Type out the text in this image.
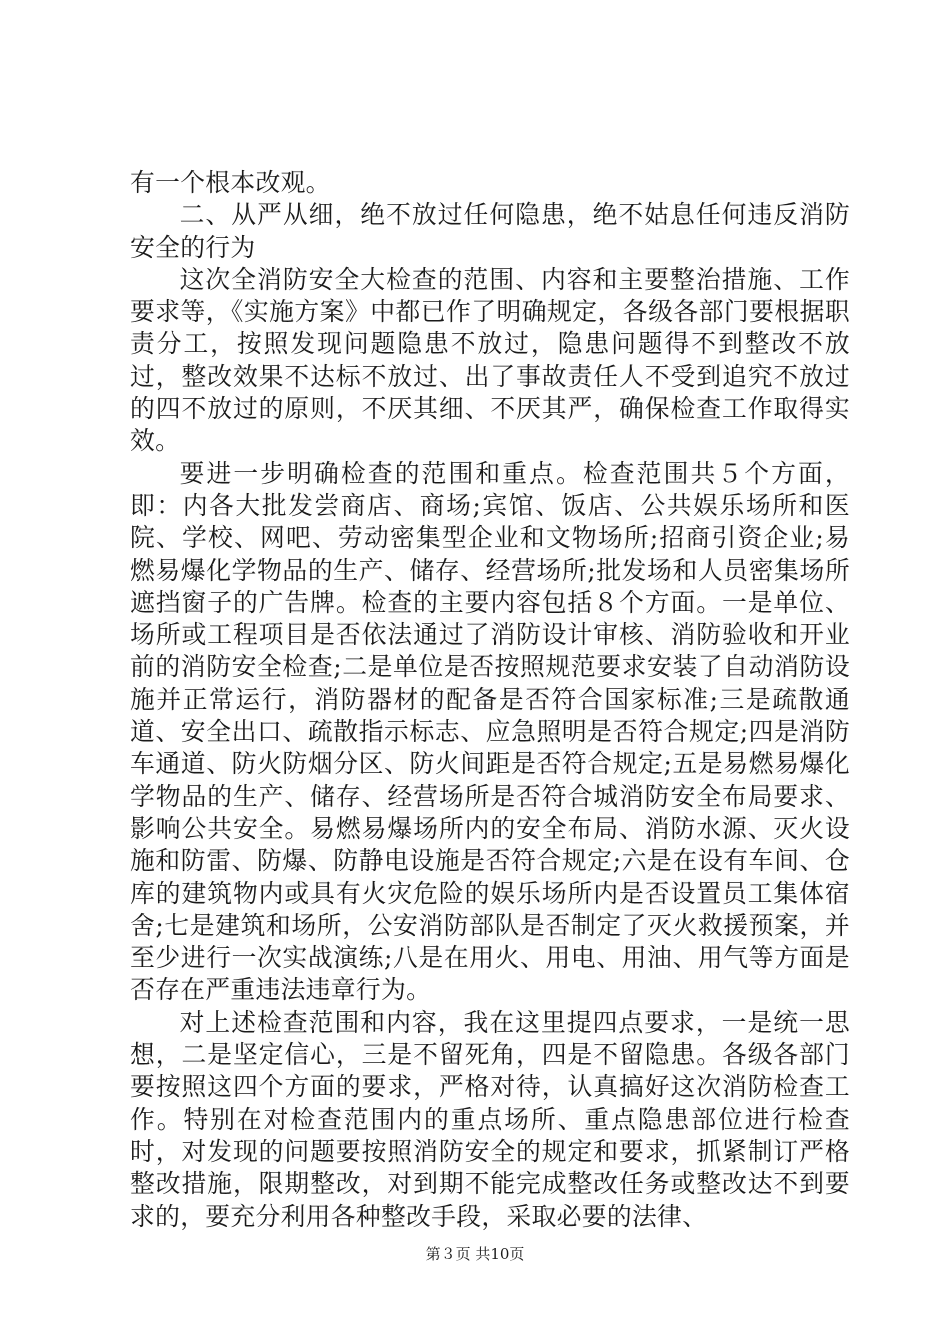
有一个根本改观。

二、从严从细，绝不放过任何隐患，绝不姑息任何违反消防安全的行为

这次全消防安全大检查的范围、内容和主要整治措施、工作要求等，《实施方案》中都已作了明确规定，各级各部门要根据职责分工，按照发现问题隐患不放过，隐患问题得不到整改不放过，整改效果不达标不放过、出了事故责任人不受到追究不放过的四不放过的原则，不厌其细、不厌其严，确保检查工作取得实效。

要进一步明确检查的范围和重点。检查范围共５个方面，即：内各大批发尝商店、商场;宾馆、饭店、公共娱乐场所和医院、学校、网吧、劳动密集型企业和文物场所;招商引资企业;易燃易爆化学物品的生产、储存、经营场所;批发场和人员密集场所遮挡窗子的广告牌。检查的主要内容包括８个方面。一是单位、场所或工程项目是否依法通过了消防设计审核、消防验收和开业前的消防安全检查;二是单位是否按照规范要求安装了自动消防设施并正常运行，消防器材的配备是否符合国家标准;三是疏散通道、安全出口、疏散指示标志、应急照明是否符合规定;四是消防车通道、防火防烟分区、防火间距是否符合规定;五是易燃易爆化学物品的生产、储存、经营场所是否符合城消防安全布局要求、影响公共安全。易燃易爆场所内的安全布局、消防水源、灭火设施和防雷、防爆、防静电设施是否符合规定;六是在设有车间、仓库的建筑物内或具有火灾危险的娱乐场所内是否设置员工集体宿舍;七是建筑和场所，公安消防部队是否制定了灭火救援预案，并至少进行一次实战演练;八是在用火、用电、用油、用气等方面是否存在严重违法违章行为。

对上述检查范围和内容，我在这里提四点要求，一是统一思想，二是坚定信心，三是不留死角，四是不留隐患。各级各部门要按照这四个方面的要求，严格对待，认真搞好这次消防检查工作。特别在对检查范围内的重点场所、重点隐患部位进行检查时，对发现的问题要按照消防安全的规定和要求，抓紧制订严格整改措施，限期整改，对到期不能完成整改任务或整改达不到要求的，要充分利用各种整改手段，采取必要的法律、

第３页 共10页
